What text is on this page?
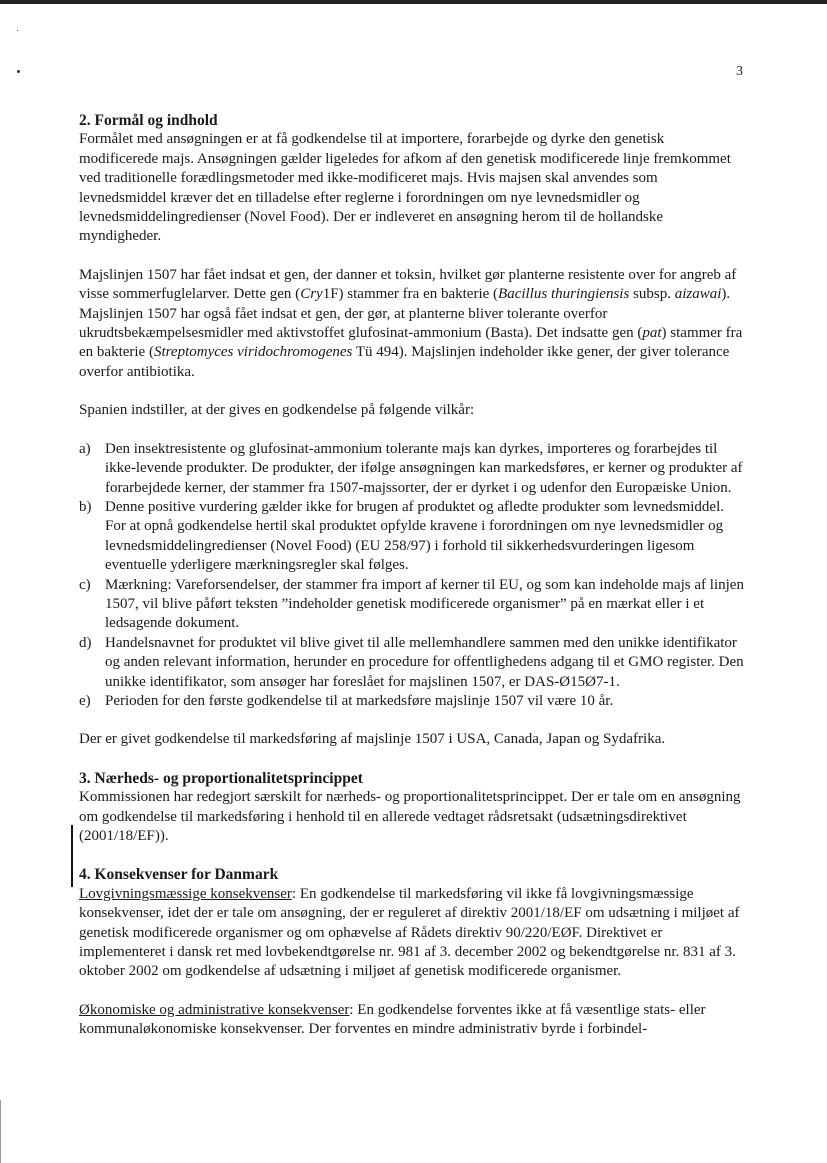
3
2. Formål og indhold

Formålet med ansøgningen er at få godkendelse til at importere, forarbejde og dyrke den genetisk modificerede majs. Ansøgningen gælder ligeledes for afkom af den genetisk modificerede linje fremkommet ved traditionelle forædlingsmetoder med ikke-modificeret majs. Hvis majsen skal anvendes som levnedsmiddel kræver det en tilladelse efter reglerne i forordningen om nye levnedsmidler og levnedsmiddelingredienser (Novel Food). Der er indleveret en ansøgning herom til de hollandske myndigheder.

Majslinjen 1507 har fået indsat et gen, der danner et toksin, hvilket gør planterne resistente over for angreb af visse sommerfuglelarver. Dette gen (Cry1F) stammer fra en bakterie (Bacillus thuringiensis subsp. aizawai). Majslinjen 1507 har også fået indsat et gen, der gør, at planterne bliver tolerante overfor ukrudtsbekæmpelsesmidler med aktivstoffet glufosinat-ammonium (Basta). Det indsatte gen (pat) stammer fra en bakterie (Streptomyces viridochromogenes Tü 494). Majslinjen indeholder ikke gener, der giver tolerance overfor antibiotika.

Spanien indstiller, at der gives en godkendelse på følgende vilkår:

a) Den insektresistente og glufosinat-ammonium tolerante majs kan dyrkes, importeres og forarbejdes til ikke-levende produkter. De produkter, der ifølge ansøgningen kan markedsføres, er kerner og produkter af forarbejdede kerner, der stammer fra 1507-majssorter, der er dyrket i og udenfor den Europæiske Union.
b) Denne positive vurdering gælder ikke for brugen af produktet og afledte produkter som levnedsmiddel. For at opnå godkendelse hertil skal produktet opfylde kravene i forordningen om nye levnedsmidler og levnedsmiddelingredienser (Novel Food) (EU 258/97) i forhold til sikkerhedsvurderingen ligesom eventuelle yderligere mærkningsregler skal følges.
c) Mærkning: Vareforsendelser, der stammer fra import af kerner til EU, og som kan indeholde majs af linjen 1507, vil blive påført teksten ”indeholder genetisk modificerede organismer” på en mærkat eller i et ledsagende dokument.
d) Handelsnavnet for produktet vil blive givet til alle mellemhandlere sammen med den unikke identifikator og anden relevant information, herunder en procedure for offentlighedens adgang til et GMO register. Den unikke identifikator, som ansøger har foreslået for majslinen 1507, er DAS-Ø15Ø7-1.
e) Perioden for den første godkendelse til at markedsføre majslinje 1507 vil være 10 år.

Der er givet godkendelse til markedsføring af majslinje 1507 i USA, Canada, Japan og Sydafrika.

3. Nærheds- og proportionalitetsprincippet

Kommissionen har redegjort særskilt for nærheds- og proportionalitetsprincippet. Der er tale om en ansøgning om godkendelse til markedsføring i henhold til en allerede vedtaget rådsretsakt (udsætningsdirektivet (2001/18/EF)).

4. Konsekvenser for Danmark

Lovgivningsmæssige konsekvenser: En godkendelse til markedsføring vil ikke få lovgivningsmæssige konsekvenser, idet der er tale om ansøgning, der er reguleret af direktiv 2001/18/EF om udsætning i miljøet af genetisk modificerede organismer og om ophævelse af Rådets direktiv 90/220/EØF. Direktivet er implementeret i dansk ret med lovbekendtgørelse nr. 981 af 3. december 2002 og bekendtgørelse nr. 831 af 3. oktober 2002 om godkendelse af udsætning i miljøet af genetisk modificerede organismer.

Økonomiske og administrative konsekvenser: En godkendelse forventes ikke at få væsentlige stats- eller kommunaløkonomiske konsekvenser. Der forventes en mindre administrativ byrde i forbindel-
